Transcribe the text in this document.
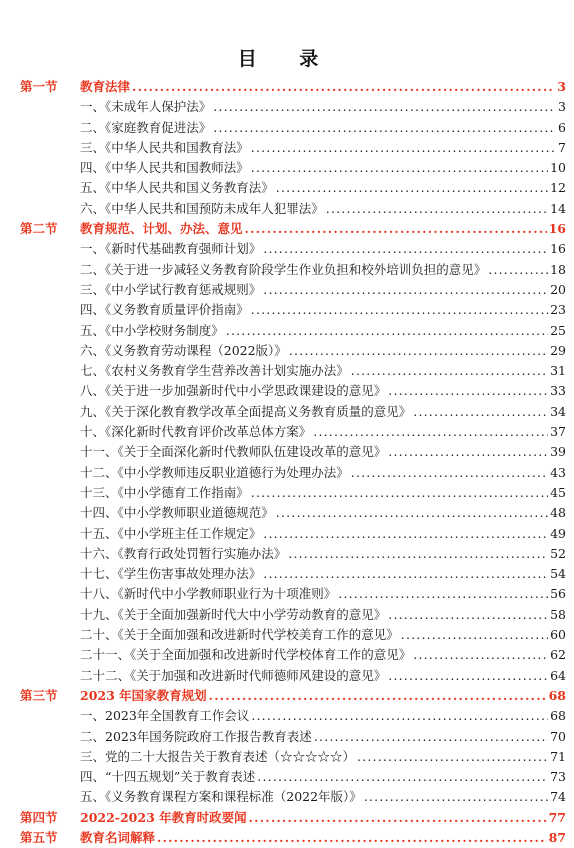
目 录
第一节 教育法律 .....	3
一、《未成年人保护法》 .....	3
二、《家庭教育促进法》 .....	6
三、《中华人民共和国教育法》 .....	7
四、《中华人民共和国教师法》 .....	10
五、《中华人民共和国义务教育法》 .....	12
六、《中华人民共和国预防未成年人犯罪法》 .....	14
第二节 教育规范、计划、办法、意见 .....	16
一、《新时代基础教育强师计划》 .....	16
二、《关于进一步减轻义务教育阶段学生作业负担和校外培训负担的意见》 .....	18
三、《中小学试行教育惩戒规则》 .....	20
四、《义务教育质量评价指南》 .....	23
五、《中小学校财务制度》 .....	25
六、《义务教育劳动课程（2022版）》 .....	29
七、《农村义务教育学生营养改善计划实施办法》 .....	31
八、《关于进一步加强新时代中小学思政课建设的意见》 .....	33
九、《关于深化教育教学改革全面提高义务教育质量的意见》 .....	34
十、《深化新时代教育评价改革总体方案》 .....	37
十一、《关于全面深化新时代教师队伍建设改革的意见》 .....	39
十二、《中小学教师违反职业道德行为处理办法》 .....	43
十三、《中小学德育工作指南》 .....	45
十四、《中小学教师职业道德规范》 .....	48
十五、《中小学班主任工作规定》 .....	49
十六、《教育行政处罚暂行实施办法》 .....	52
十七、《学生伤害事故处理办法》 .....	54
十八、《新时代中小学教师职业行为十项准则》 .....	56
十九、《关于全面加强新时代大中小学劳动教育的意见》 .....	58
二十、《关于全面加强和改进新时代学校美育工作的意见》 .....	60
二十一、《关于全面加强和改进新时代学校体育工作的意见》 .....	62
二十二、《关于加强和改进新时代师德师风建设的意见》 .....	64
第三节 2023 年国家教育规划 .....	68
一、2023年全国教育工作会议 .....	68
二、2023年国务院政府工作报告教育表述 .....	70
三、党的二十大报告关于教育表述（☆☆☆☆☆） .....	71
四、“十四五规划”关于教育表述 .....	73
五、《义务教育课程方案和课程标准（2022年版）》 .....	74
第四节 2022-2023 年教育时政要闻 .....	77
第五节 教育名词解释 .....	87
